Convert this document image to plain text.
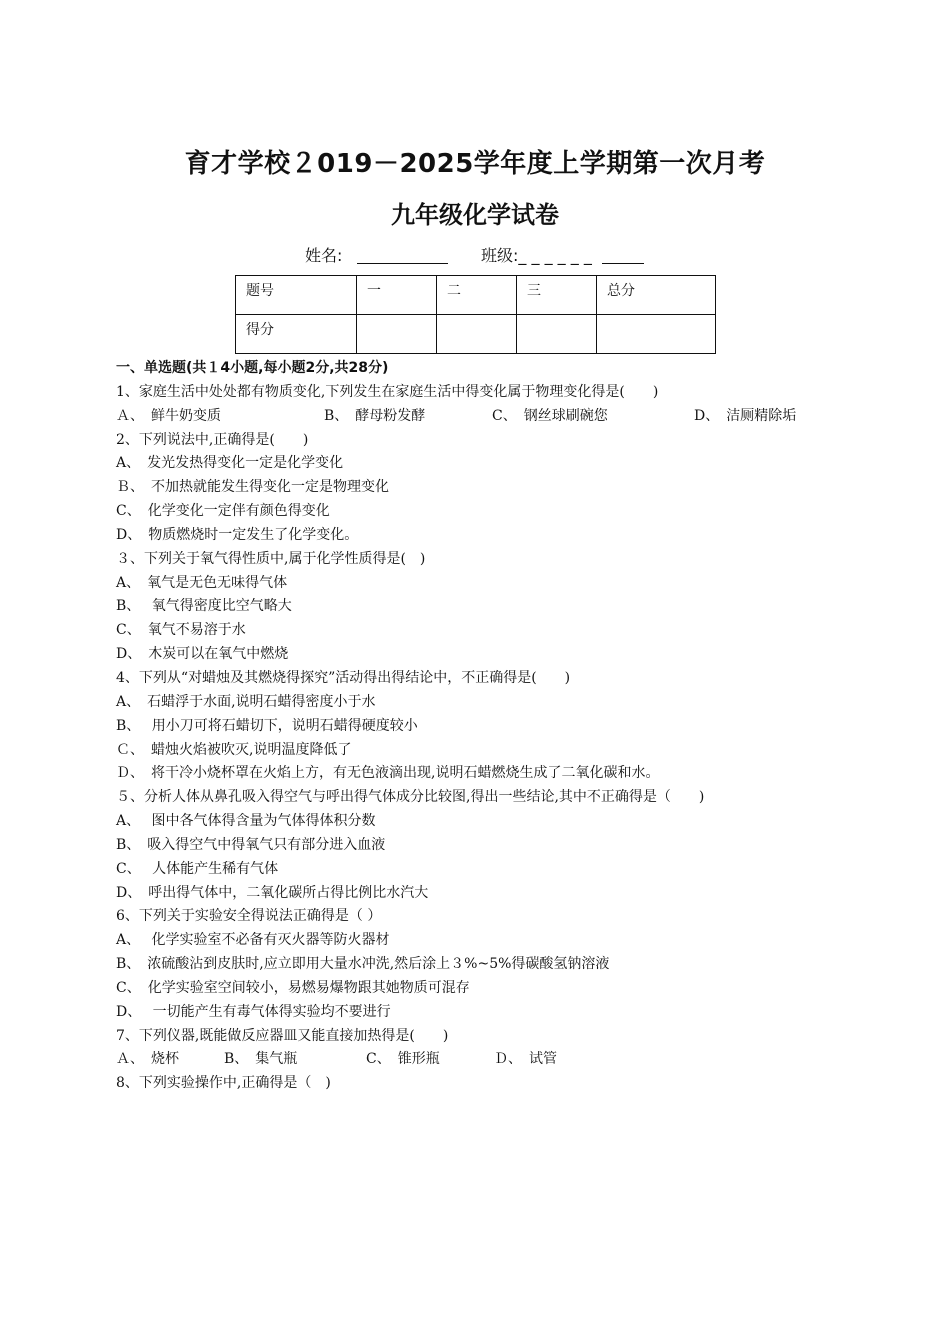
育才学校２019－2025学年度上学期第一次月考
九年级化学试卷
姓名:	班级:_ _ _ _ _ _
题号	一	二	三	总分
得分				
一、单选题(共１4小题,每小题2分,共28分)
1、家庭生活中处处都有物质变化,下列发生在家庭生活中得变化属于物理变化得是(　　)
Ａ、　鲜牛奶变质	B、　酵母粉发酵	C、　钢丝球刷碗您	D、　洁厕精除垢
2、下列说法中,正确得是(　　)
A、　发光发热得变化一定是化学变化
Ｂ、　不加热就能发生得变化一定是物理变化
C、　化学变化一定伴有颜色得变化
D、　物质燃烧时一定发生了化学变化。
３、下列关于氧气得性质中,属于化学性质得是(　)
A、　氧气是无色无味得气体
B、　 氧气得密度比空气略大
C、　氧气不易溶于水
D、　木炭可以在氧气中燃烧
4、下列从“对蜡烛及其燃烧得探究”活动得出得结论中，不正确得是(　　)
A、　石蜡浮于水面,说明石蜡得密度小于水
B、　 用小刀可将石蜡切下，说明石蜡得硬度较小
Ｃ、　蜡烛火焰被吹灭,说明温度降低了
Ｄ、　将干冷小烧杯罩在火焰上方，有无色液滴出现,说明石蜡燃烧生成了二氧化碳和水。
５、分析人体从鼻孔吸入得空气与呼出得气体成分比较图,得出一些结论,其中不正确得是（　　)
A、　 图中各气体得含量为气体得体积分数
B、　吸入得空气中得氧气只有部分进入血液
C、　 人体能产生稀有气体
D、　呼出得气体中，二氧化碳所占得比例比水汽大
6、下列关于实验安全得说法正确得是（ ）
A、　 化学实验室不必备有灭火器等防火器材
B、　浓硫酸沾到皮肤时,应立即用大量水冲洗,然后涂上３%~5%得碳酸氢钠溶液
C、　化学实验室空间较小，易燃易爆物跟其她物质可混存
D、　 一切能产生有毒气体得实验均不要进行
7、下列仪器,既能做反应器皿又能直接加热得是(　　)
Ａ、　烧杯	B、　集气瓶	C、　锥形瓶	Ｄ、　试管
8、下列实验操作中,正确得是（　)
